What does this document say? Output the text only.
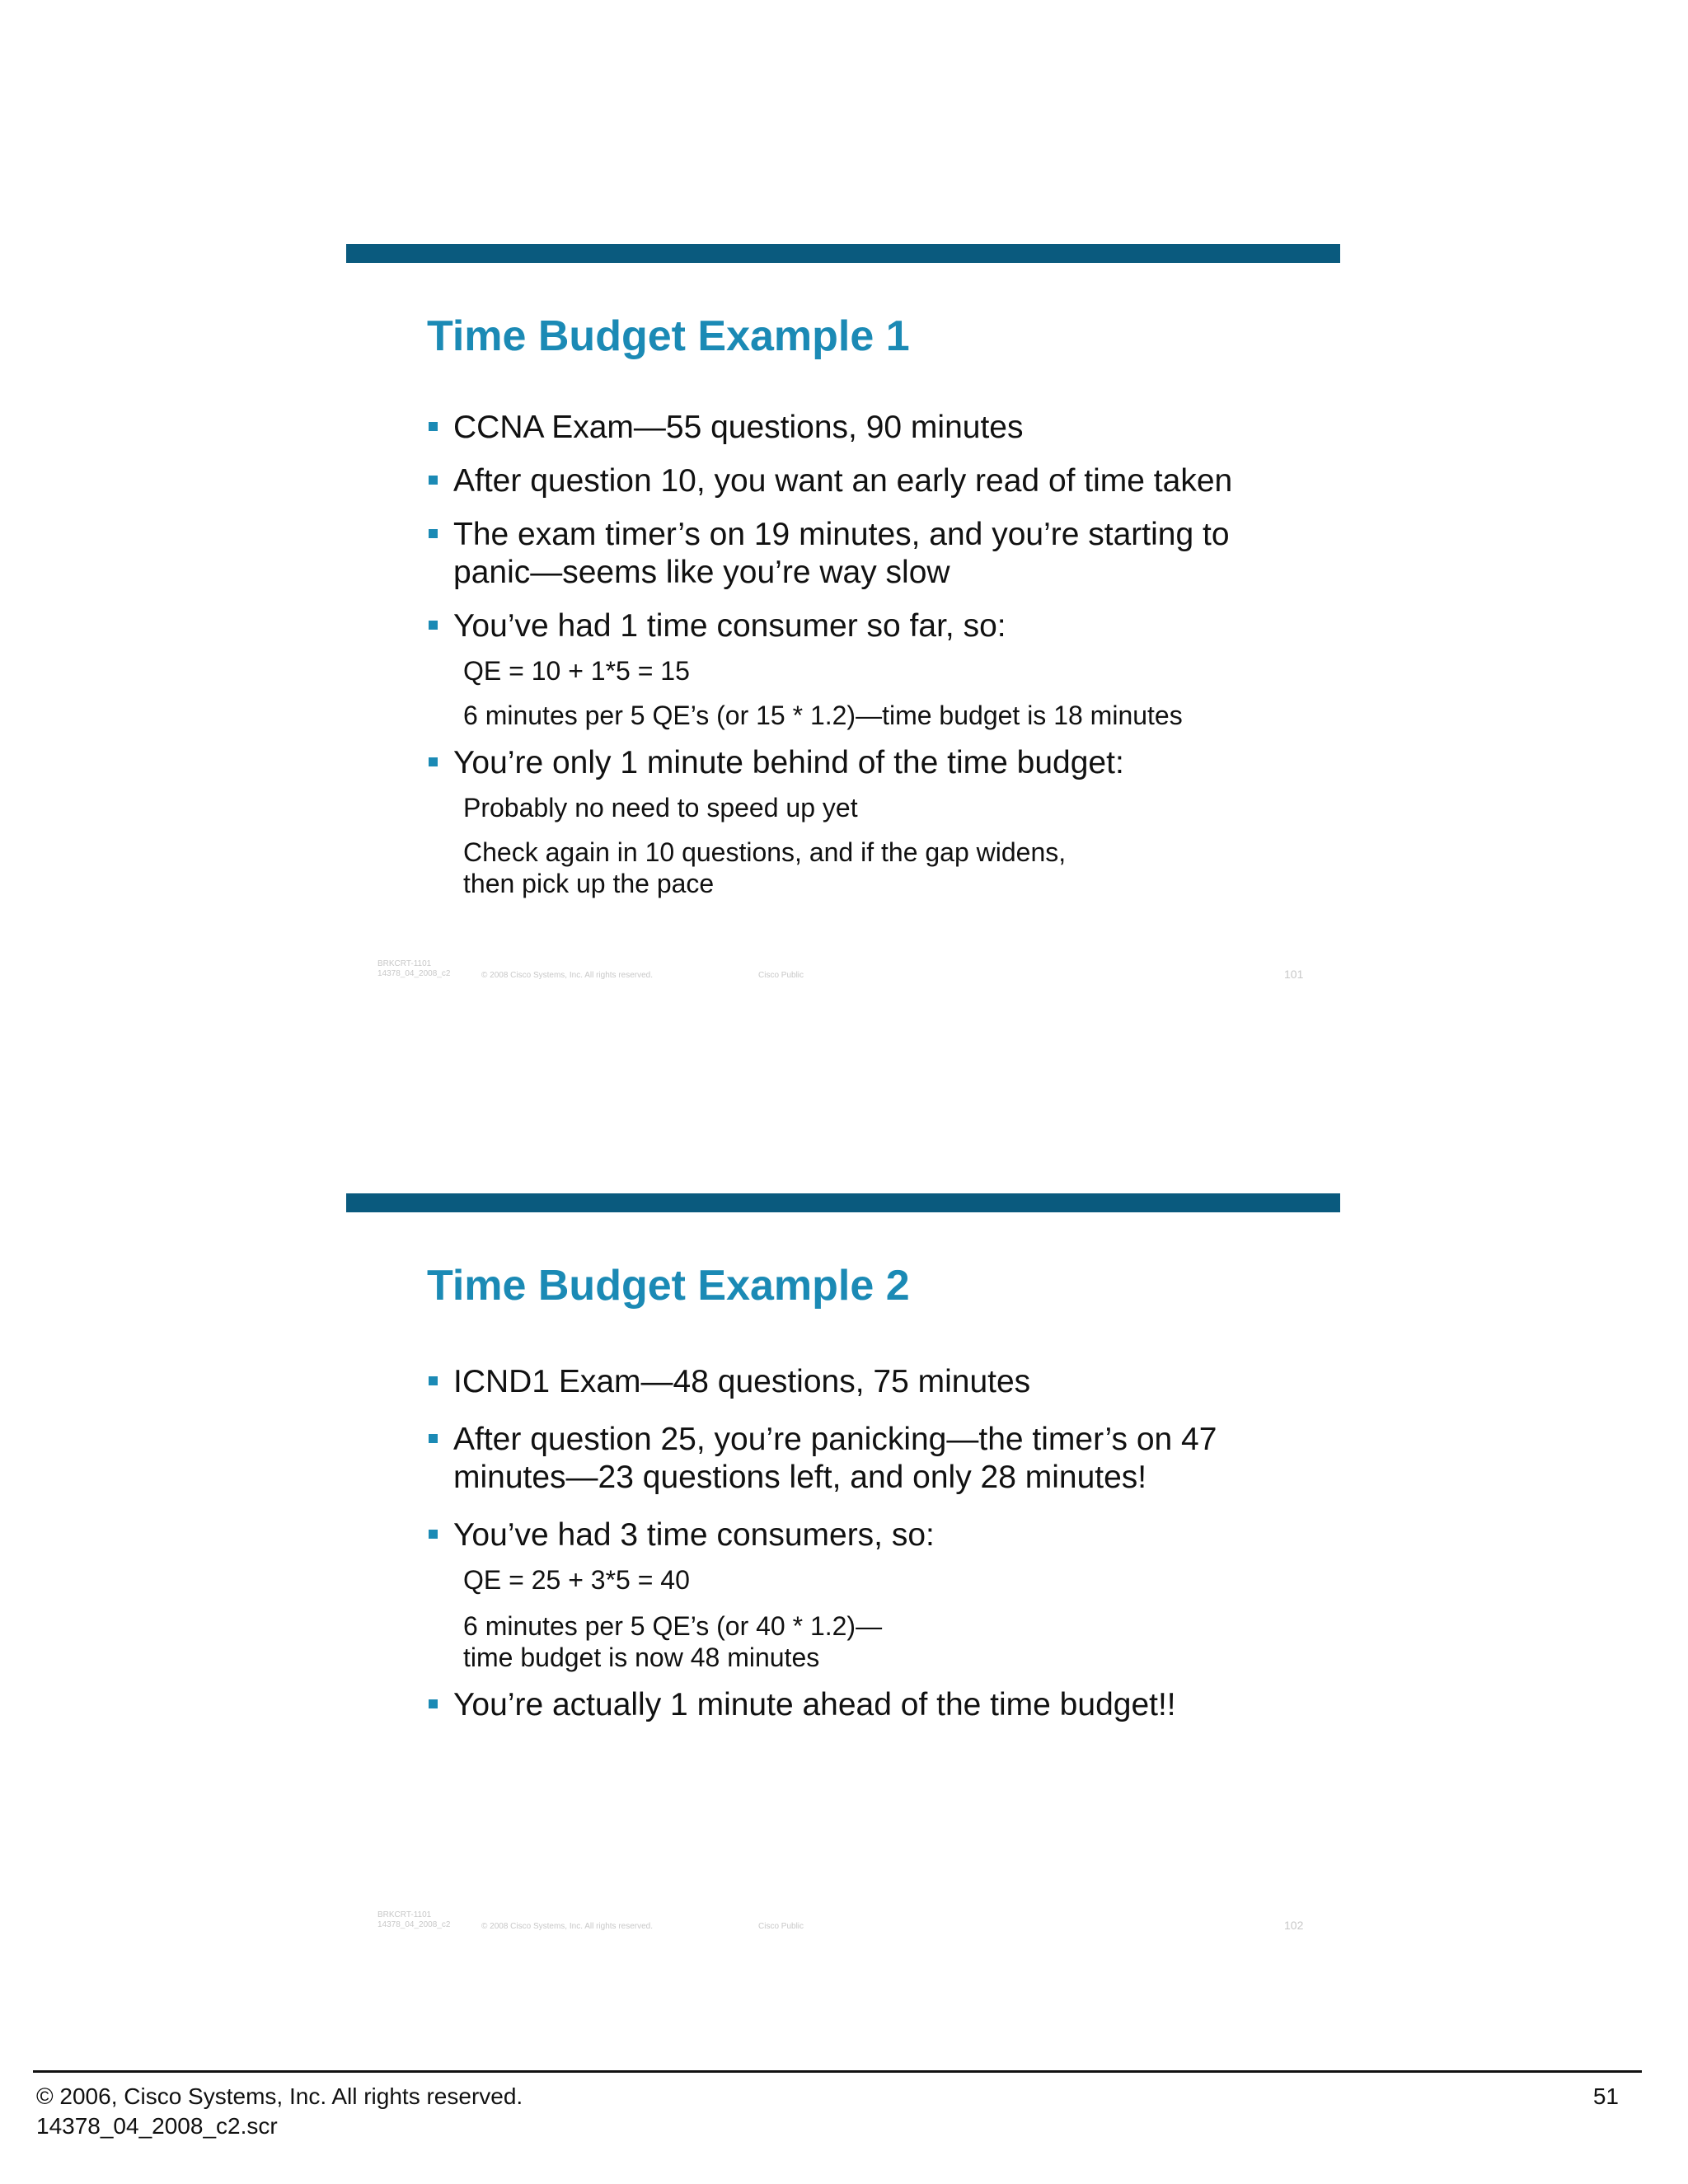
Time Budget Example 1
CCNA Exam—55 questions, 90 minutes
After question 10, you want an early read of time taken
The exam timer’s on 19 minutes, and you’re starting to
panic—seems like you’re way slow
You’ve had 1 time consumer so far, so:
QE = 10 + 1*5 = 15
6 minutes per 5 QE’s (or 15 * 1.2)—time budget is 18 minutes
You’re only 1 minute behind of the time budget:
Probably no need to speed up yet
Check again in 10 questions, and if the gap widens,
then pick up the pace
BRKCRT-1101
14378_04_2008_c2	© 2008 Cisco Systems, Inc. All rights reserved.	Cisco Public	101
Time Budget Example 2
ICND1 Exam—48 questions, 75 minutes
After question 25, you’re panicking—the timer’s on 47
minutes—23 questions left, and only 28 minutes!
You’ve had 3 time consumers, so:
QE = 25 + 3*5 = 40
6 minutes per 5 QE’s (or 40 * 1.2)—
time budget is now 48 minutes
You’re actually 1 minute ahead of the time budget!!
BRKCRT-1101
14378_04_2008_c2	© 2008 Cisco Systems, Inc. All rights reserved.	Cisco Public	102
© 2006, Cisco Systems, Inc. All rights reserved.
14378_04_2008_c2.scr
51
